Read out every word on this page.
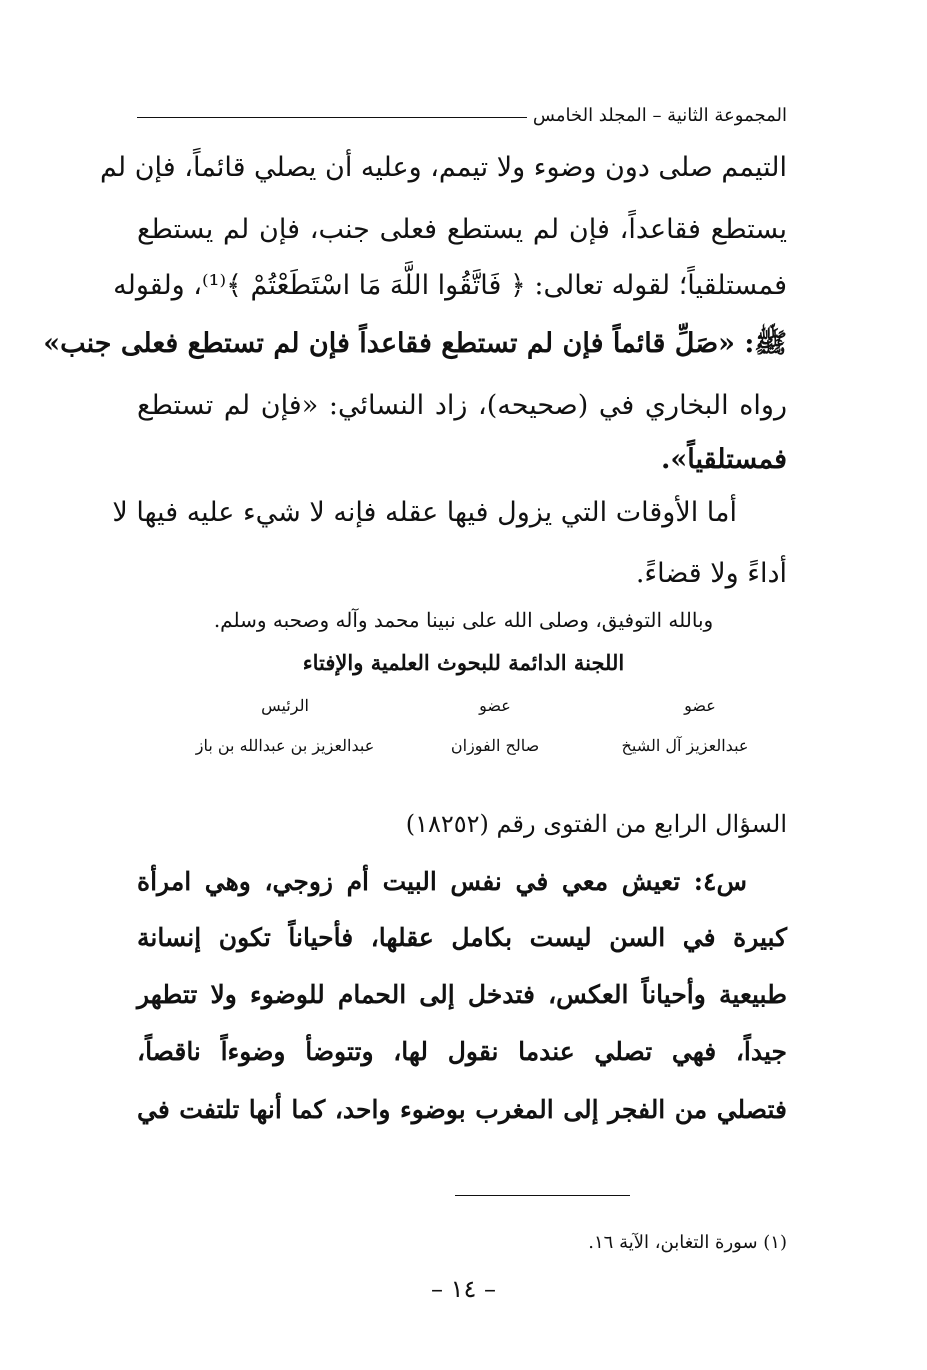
المجموعة الثانية – المجلد الخامس
التيمم صلى دون وضوء ولا تيمم، وعليه أن يصلي قائماً، فإن لم
يستطع فقاعداً، فإن لم يستطع فعلى جنب، فإن لم يستطع
فمستلقياً؛ لقوله تعالى: ﴿ فَاتَّقُوا اللَّهَ مَا اسْتَطَعْتُمْ ﴾⁽¹⁾، ولقوله
ﷺ: «صَلِّ قائماً فإن لم تستطع فقاعداً فإن لم تستطع فعلى جنب»
رواه البخاري في (صحيحه)، زاد النسائي: «فإن لم تستطع
فمستلقياً».
أما الأوقات التي يزول فيها عقله فإنه لا شيء عليه فيها لا
أداءً ولا قضاءً.
وبالله التوفيق، وصلى الله على نبينا محمد وآله وصحبه وسلم.
اللجنة الدائمة للبحوث العلمية والإفتاء
عضو
عبدالعزيز آل الشيخ
عضو
صالح الفوزان
الرئيس
عبدالعزيز بن عبدالله بن باز
السؤال الرابع من الفتوى رقم (١٨٢٥٢)
س٤: تعيش معي في نفس البيت أم زوجي، وهي امرأة
كبيرة في السن ليست بكامل عقلها، فأحياناً تكون إنسانة
طبيعية وأحياناً العكس، فتدخل إلى الحمام للوضوء ولا تتطهر
جيداً، فهي تصلي عندما نقول لها، وتتوضأ وضوءاً ناقصاً،
فتصلي من الفجر إلى المغرب بوضوء واحد، كما أنها تلتفت في
(١) سورة التغابن، الآية ١٦.
– ١٤ –
